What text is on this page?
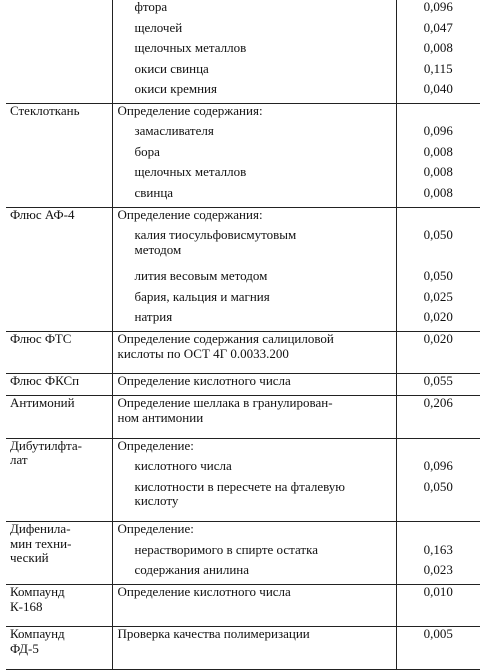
	фтора	0,096
	щелочей	0,047
	щелочных металлов	0,008
	окиси свинца	0,115
	окиси кремния	0,040
Стеклоткань	Определение содержания:	
	замасливателя	0,096
	бора	0,008
	щелочных металлов	0,008
	свинца	0,008
Флюс АФ-4	Определение содержания:	

	калия тиосульфовисмутовым
методом	0,050
	лития весовым методом	0,050
	бария, кальция и магния	0,025
	натрия	0,020
Флюс ФТС	Определение содержания салициловой
кислоты по ОСТ 4Г 0.0033.200	0,020
Флюс ФКСп	Определение кислотного числа	0,055
Антимоний	Определение шеллака в гранулирован-
ном антимонии	0,206

Дибутилфта-
лат	Определение:	
	кислотного числа	0,096

	кислотности в пересчете на фталевую
кислоту	0,050

Дифенила-
мин техни-
ческий	Определение:	
	нерастворимого в спирте остатка	0,163
	содержания анилина	0,023

Компаунд
К-168	Определение кислотного числа	0,010

Компаунд
ФД-5	Проверка качества полимеризации	0,005
